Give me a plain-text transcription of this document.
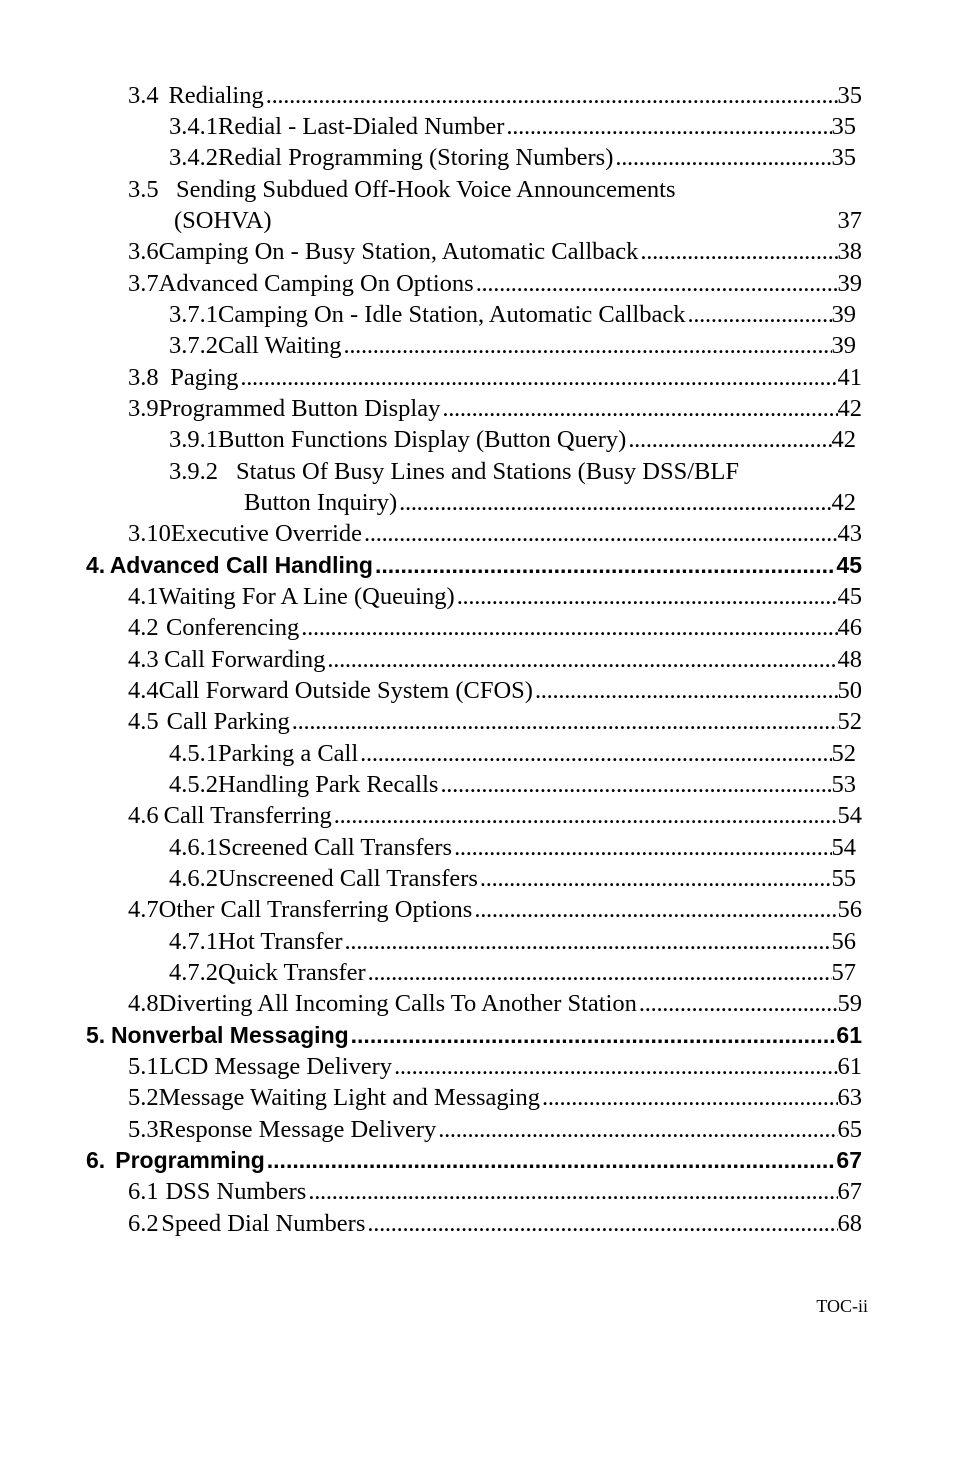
3.4 Redialing . . .	35
3.4.1 Redial - Last-Dialed Number . . .	35
3.4.2 Redial Programming (Storing Numbers) . . .	35
3.5 Sending Subdued Off-Hook Voice Announcements
(SOHVA)	37
3.6 Camping On - Busy Station, Automatic Callback . . .	38
3.7 Advanced Camping On Options . . .	39
3.7.1 Camping On - Idle Station, Automatic Callback . . .	39
3.7.2 Call Waiting . . .	39
3.8 Paging . . .	41
3.9 Programmed Button Display . . .	42
3.9.1 Button Functions Display (Button Query) . . .	42
3.9.2 Status Of Busy Lines and Stations (Busy DSS/BLF
Button Inquiry) . . .	42
3.10 Executive Override . . .	43
4. Advanced Call Handling . . .	45
4.1 Waiting For A Line (Queuing) . . .	45
4.2 Conferencing . . .	46
4.3 Call Forwarding . . .	48
4.4 Call Forward Outside System (CFOS) . . .	50
4.5 Call Parking . . .	52
4.5.1 Parking a Call . . .	52
4.5.2 Handling Park Recalls . . .	53
4.6 Call Transferring . . .	54
4.6.1 Screened Call Transfers . . .	54
4.6.2 Unscreened Call Transfers . . .	55
4.7 Other Call Transferring Options . . .	56
4.7.1 Hot Transfer . . .	56
4.7.2 Quick Transfer . . .	57
4.8 Diverting All Incoming Calls To Another Station . . .	59
5. Nonverbal Messaging . . .	61
5.1 LCD Message Delivery . . .	61
5.2 Message Waiting Light and Messaging . . .	63
5.3 Response Message Delivery . . .	65
6. Programming . . .	67
6.1 DSS Numbers . . .	67
6.2 Speed Dial Numbers . . .	68
TOC-ii
